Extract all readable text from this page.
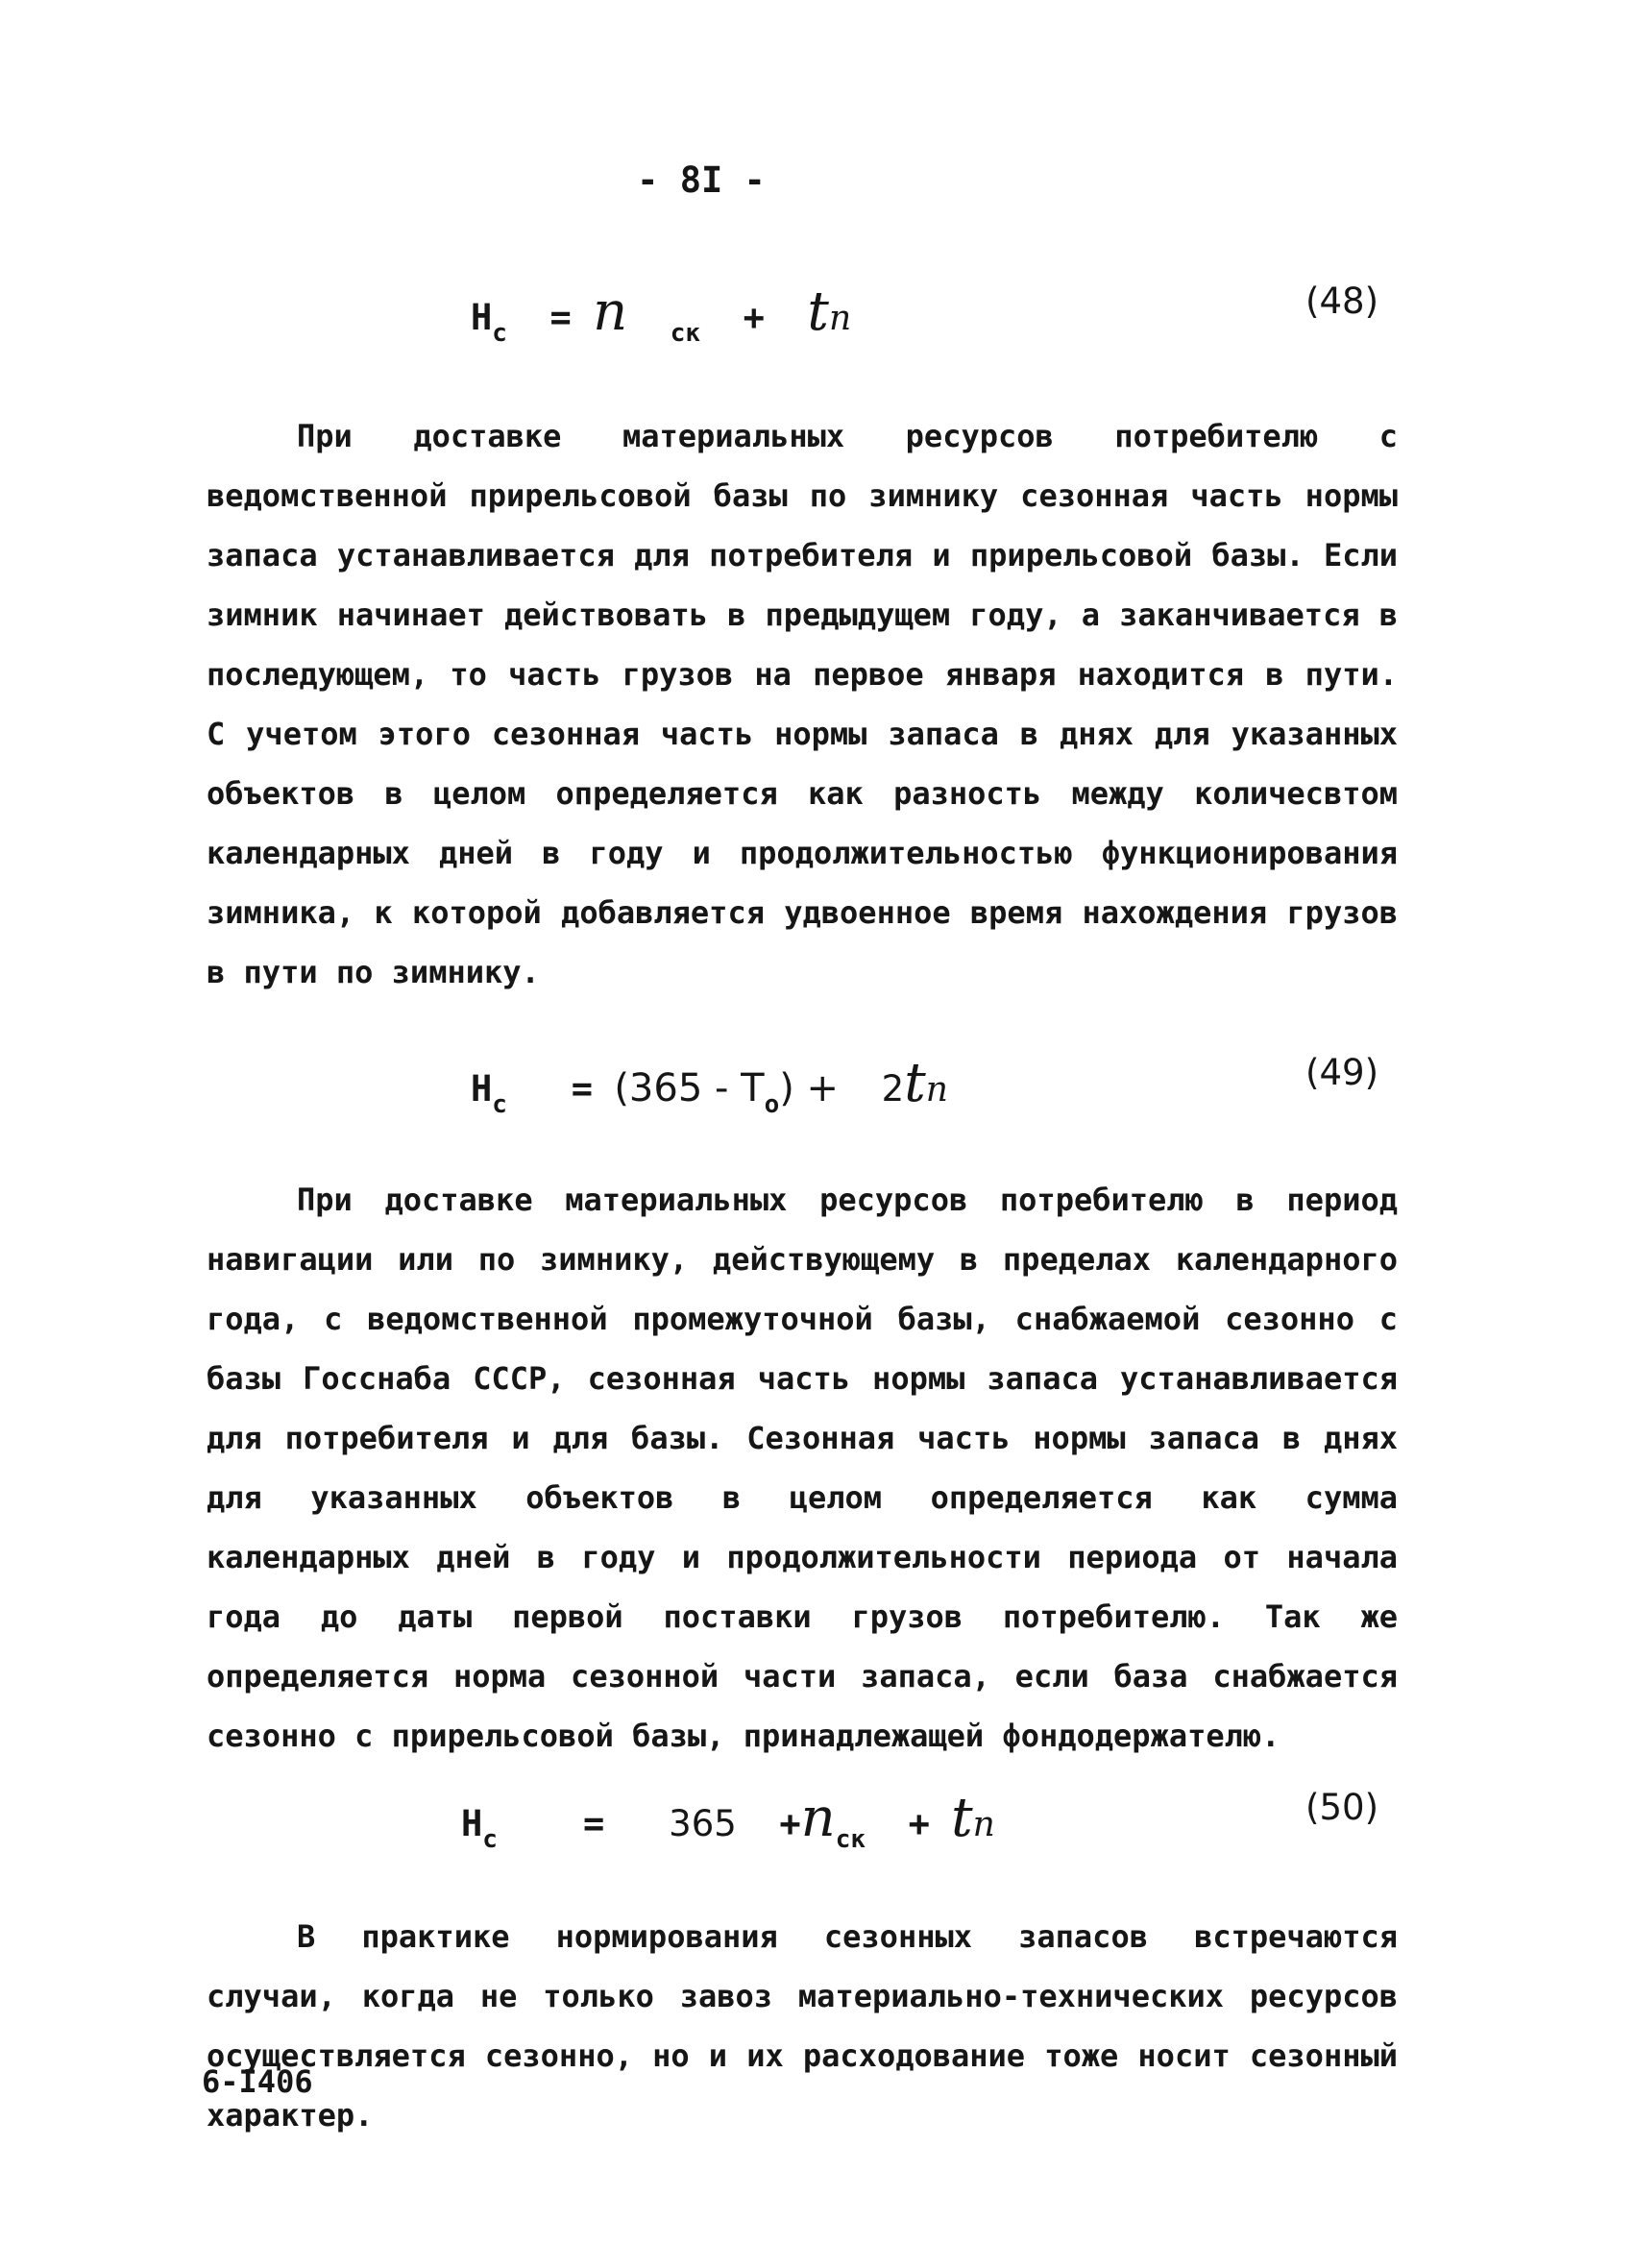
- 8I -
$H_c = n$ $_{ск}$ + tn	(48)
При доставке материальных ресурсов потребителю с ведомственной прирельсовой базы по зимнику сезонная часть нормы запаса устанавливается для потребителя и прирельсовой базы. Если зимник начинает действовать в предыдущем году, а заканчивается в последующем, то часть грузов на первое января находится в пути. С учетом этого сезонная часть нормы запаса в днях для указанных объектов в целом определяется как разность между количесвтом календарных дней в году и продолжительностью функционирования зимника, к которой добавляется удвоенное время нахождения грузов в пути по зимнику.
$H_c = (365 - T_o) + 2tn$	(49)
При доставке материальных ресурсов потребителю в период навигации или по зимнику, действующему в пределах календарного года, с ведомственной промежуточной базы, снабжаемой сезонно с базы Госснаба СССР, сезонная часть нормы запаса устанавливается для потребителя и для базы. Сезонная часть нормы запаса в днях для указанных объектов в целом определяется как сумма календарных дней в году и продолжительности периода от начала года до даты первой поставки грузов потребителю. Так же определяется норма сезонной части запаса, если база снабжается сезонно с прирельсовой базы, принадлежащей фондодержателю.
$H_c = 365 +n_{ск}$ + tn	(50)
В практике нормирования сезонных запасов встречаются случаи, когда не только завоз материально-технических ресурсов осуществляется сезонно, но и их расходование тоже носит сезонный характер.
6-I406
